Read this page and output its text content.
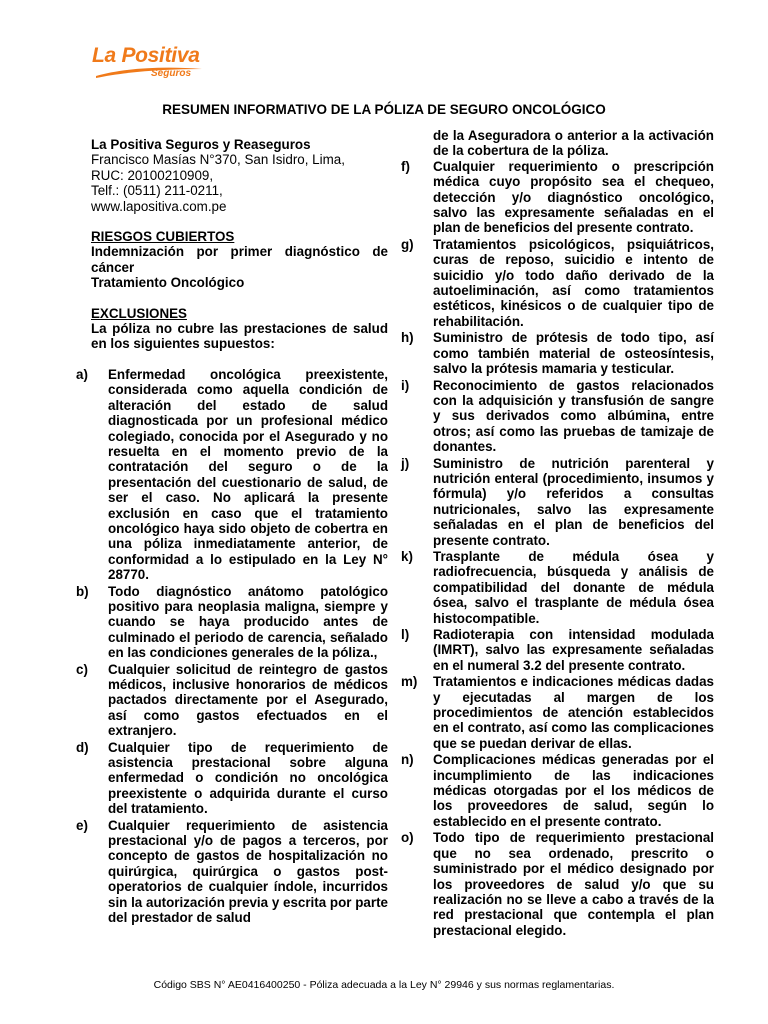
La Positiva
Seguros
RESUMEN INFORMATIVO DE LA PÓLIZA DE SEGURO ONCOLÓGICO
La Positiva Seguros y Reaseguros
Francisco Masías N°370, San Isidro, Lima,
RUC: 20100210909,
Telf.: (0511) 211-0211,
www.lapositiva.com.pe
RIESGOS CUBIERTOS
Indemnización por primer diagnóstico de cáncer
Tratamiento Oncológico
EXCLUSIONES
La póliza no cubre las prestaciones de salud en los siguientes supuestos:
a)	Enfermedad oncológica preexistente, considerada como aquella condición de alteración del estado de salud diagnosticada por un profesional médico colegiado, conocida por el Asegurado y no resuelta en el momento previo de la contratación del seguro o de la presentación del cuestionario de salud, de ser el caso. No aplicará la presente exclusión en caso que el tratamiento oncológico haya sido objeto de cobertra en una póliza inmediatamente anterior, de conformidad a lo estipulado en la Ley N° 28770.
b)	Todo diagnóstico anátomo patológico positivo para neoplasia maligna, siempre y cuando se haya producido antes de culminado el periodo de carencia, señalado en las condiciones generales de la póliza.,
c)	Cualquier solicitud de reintegro de gastos médicos, inclusive honorarios de médicos pactados directamente por el Asegurado, así como gastos efectuados en el extranjero.
d)	Cualquier tipo de requerimiento de asistencia prestacional sobre alguna enfermedad o condición no oncológica preexistente o adquirida durante el curso del tratamiento.
e)	Cualquier requerimiento de asistencia prestacional y/o de pagos a terceros, por concepto de gastos de hospitalización no quirúrgica, quirúrgica o gastos post-operatorios de cualquier índole, incurridos sin la autorización previa y escrita por parte del prestador de salud
de la Aseguradora o anterior a la activación de la cobertura de la póliza.
f)	Cualquier requerimiento o prescripción médica cuyo propósito sea el chequeo, detección y/o diagnóstico oncológico, salvo las expresamente señaladas en el plan de beneficios del presente contrato.
g)	Tratamientos psicológicos, psiquiátricos, curas de reposo, suicidio e intento de suicidio y/o todo daño derivado de la autoeliminación, así como tratamientos estéticos, kinésicos o de cualquier tipo de rehabilitación.
h)	Suministro de prótesis de todo tipo, así como también material de osteosíntesis, salvo la prótesis mamaria y testicular.
i)	Reconocimiento de gastos relacionados con la adquisición y transfusión de sangre y sus derivados como albúmina, entre otros; así como las pruebas de tamizaje de donantes.
j)	Suministro de nutrición parenteral y nutrición enteral (procedimiento, insumos y fórmula) y/o referidos a consultas nutricionales, salvo las expresamente señaladas en el plan de beneficios del presente contrato.
k)	Trasplante de médula ósea y radiofrecuencia, búsqueda y análisis de compatibilidad del donante de médula ósea, salvo el trasplante de médula ósea histocompatible.
l)	Radioterapia con intensidad modulada (IMRT), salvo las expresamente señaladas en el numeral 3.2 del presente contrato.
m)	Tratamientos e indicaciones médicas dadas y ejecutadas al margen de los procedimientos de atención establecidos en el contrato, así como las complicaciones que se puedan derivar de ellas.
n)	Complicaciones médicas generadas por el incumplimiento de las indicaciones médicas otorgadas por el los médicos de los proveedores de salud, según lo establecido en el presente contrato.
o)	Todo tipo de requerimiento prestacional que no sea ordenado, prescrito o suministrado por el médico designado por los proveedores de salud y/o que su realización no se lleve a cabo a través de la red prestacional que contempla el plan prestacional elegido.
Código SBS N° AE0416400250 - Póliza adecuada a la Ley N° 29946 y sus normas reglamentarias.
